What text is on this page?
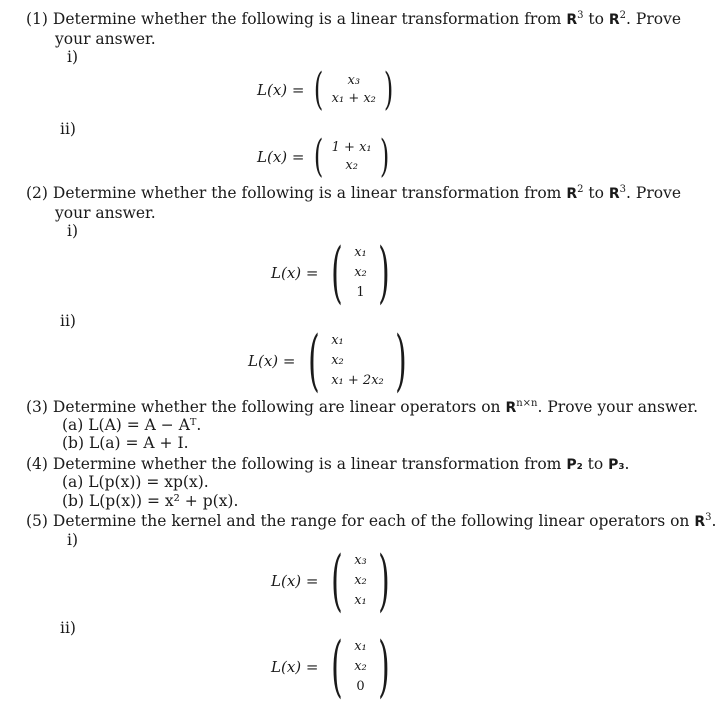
(1) Determine whether the following is a linear transformation from $R^3$ to $R^2$. Prove
your answer.
i)
L(x) = ( x₃
x₁ + x₂ )
ii)
L(x) = ( 1 + x₁
x₂ )
(2) Determine whether the following is a linear transformation from $R^2$ to $R^3$. Prove
your answer.
i)
L(x) = ( x₁
x₂
1 )
ii)
L(x) = ( x₁
x₂
x₁ + 2x₂ )
(3) Determine whether the following are linear operators on $R^{n\times n}$. Prove your answer.
(a) L(A) = A − Aᵀ.
(b) L(a) = A + I.
(4) Determine whether the following is a linear transformation from P₂ to P₃.
(a) L(p(x)) = xp(x).
(b) L(p(x)) = x² + p(x).
(5) Determine the kernel and the range for each of the following linear operators on $R^3$.
i)
L(x) = ( x₃
x₂
x₁ )
ii)
L(x) = ( x₁
x₂
0 )
